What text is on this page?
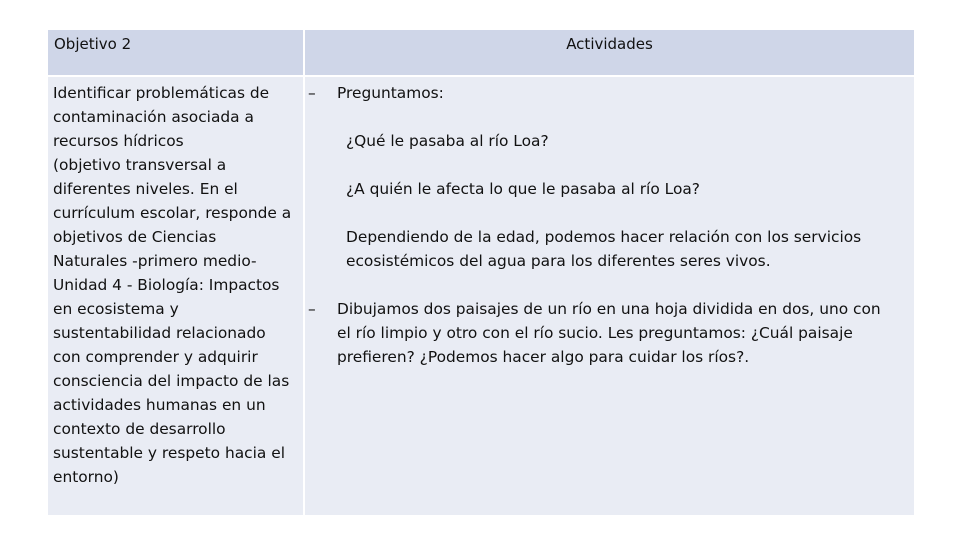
Objetivo 2	Actividades
Identificar problemáticas de
contaminación asociada a
recursos hídricos
(objetivo transversal a
diferentes niveles. En el
currículum escolar, responde a
objetivos de Ciencias
Naturales -primero medio-
Unidad 4 - Biología: Impactos
en ecosistema y
sustentabilidad relacionado
con comprender y adquirir
consciencia del impacto de las
actividades humanas en un
contexto de desarrollo
sustentable y respeto hacia el
entorno)
– Preguntamos:
¿Qué le pasaba al río Loa?
¿A quién le afecta lo que le pasaba al río Loa?
Dependiendo de la edad, podemos hacer relación con los servicios
ecosistémicos del agua para los diferentes seres vivos.
– Dibujamos dos paisajes de un río en una hoja dividida en dos, uno con
el río limpio y otro con el río sucio. Les preguntamos: ¿Cuál paisaje
prefieren? ¿Podemos hacer algo para cuidar los ríos?.
